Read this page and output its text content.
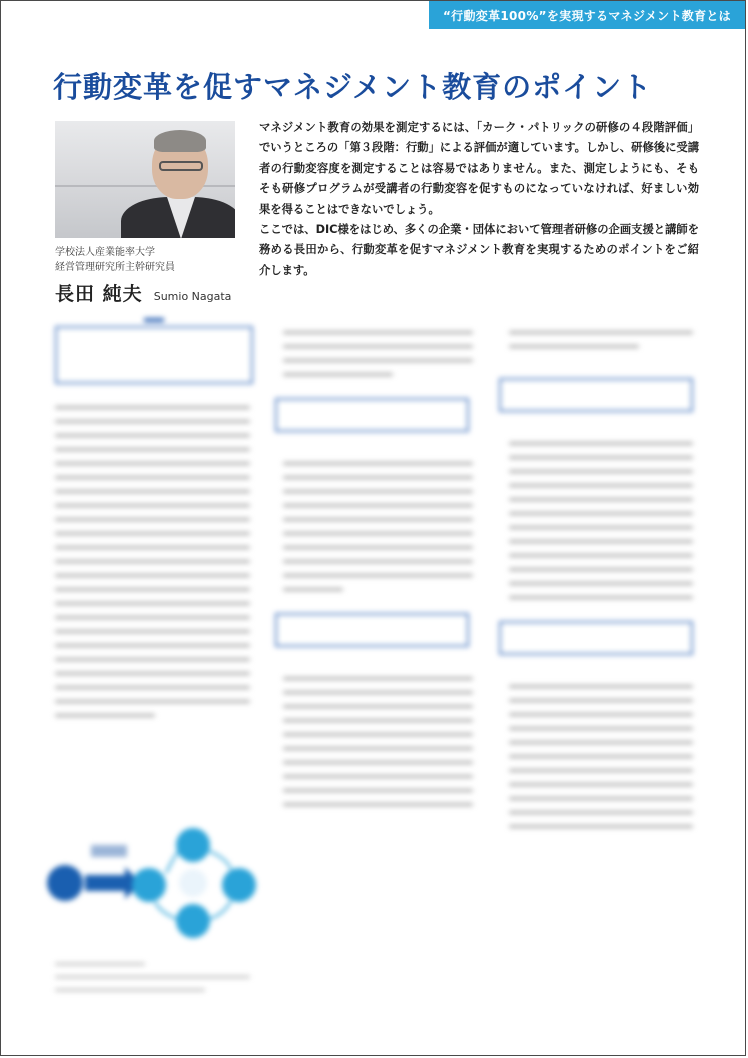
“行動変革100%”を実現するマネジメント教育とは
行動変革を促すマネジメント教育のポイント
学校法人産業能率大学
経営管理研究所主幹研究員
長田 純夫 Sumio Nagata

マネジメント教育の効果を測定するには、「カーク・パトリックの研修の４段階評価」でいうところの「第３段階：行動」による評価が適しています。しかし、研修後に受講者の行動変容度を測定することは容易ではありません。また、測定しようにも、そもそも研修プログラムが受講者の行動変容を促すものになっていなければ、好ましい効果を得ることはできないでしょう。

ここでは、DIC様をはじめ、多くの企業・団体において管理者研修の企画支援と講師を務める長田から、行動変革を促すマネジメント教育を実現するためのポイントをご紹介します。
